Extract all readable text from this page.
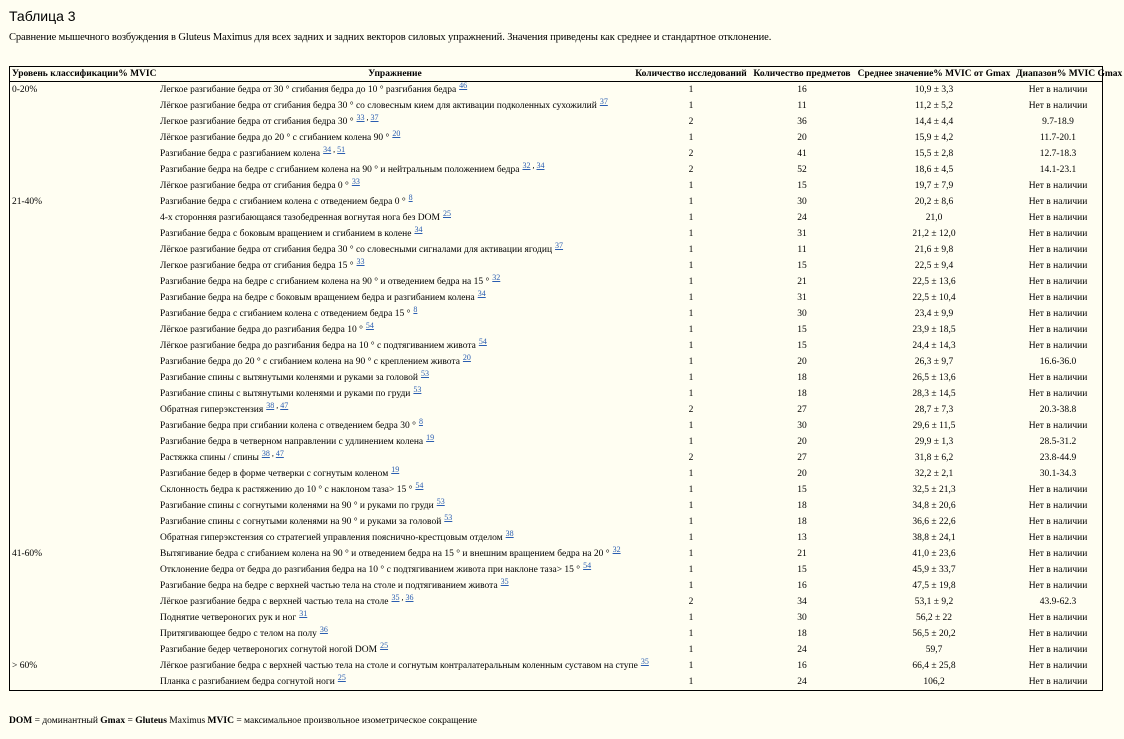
Таблица 3
Сравнение мышечного возбуждения в Gluteus Maximus для всех задних и задних векторов силовых упражнений. Значения приведены как среднее и стандартное отклонение.
Уровень классификации% MVIC	Упражнение	Количество исследований	Количество предметов	Среднее значение% MVIC от Gmax	Диапазон% MVIC Gmax
0-20%	Легкое разгибание бедра от 30 ° сгибания бедра до 10 ° разгибания бедра $^{46}$	1	16	10,9 ± 3,3	Нет в наличии
	Лёгкое разгибание бедра от сгибания бедра 30 ° со словесным кием для активации подколенных сухожилий $^{37}$	1	11	11,2 ± 5,2	Нет в наличии
	Легкое разгибание бедра от сгибания бедра 30 ° $^{33 , 37}$	2	36	14,4 ± 4,4	9.7-18.9
	Лёгкое разгибание бедра до 20 ° с сгибанием колена 90 ° $^{20}$	1	20	15,9 ± 4,2	11.7-20.1
	Разгибание бедра с разгибанием колена $^{34 , 51}$	2	41	15,5 ± 2,8	12.7-18.3
	Разгибание бедра на бедре с сгибанием колена на 90 ° и нейтральным положением бедра $^{32 , 34}$	2	52	18,6 ± 4,5	14.1-23.1
	Лёгкое разгибание бедра от сгибания бедра 0 ° $^{33}$	1	15	19,7 ± 7,9	Нет в наличии
21-40%	Разгибание бедра с сгибанием колена с отведением бедра 0 ° $^8$	1	30	20,2 ± 8,6	Нет в наличии
	4-х сторонняя разгибающаяся тазобедренная вогнутая нога без DOM $^{25}$	1	24	21,0	Нет в наличии
	Разгибание бедра с боковым вращением и сгибанием в колене $^{34}$	1	31	21,2 ± 12,0	Нет в наличии
	Лёгкое разгибание бедра от сгибания бедра 30 ° со словесными сигналами для активации ягодиц $^{37}$	1	11	21,6 ± 9,8	Нет в наличии
	Легкое разгибание бедра от сгибания бедра 15 ° $^{33}$	1	15	22,5 ± 9,4	Нет в наличии
	Разгибание бедра на бедре с сгибанием колена на 90 ° и отведением бедра на 15 ° $^{32}$	1	21	22,5 ± 13,6	Нет в наличии
	Разгибание бедра на бедре с боковым вращением бедра и разгибанием колена $^{34}$	1	31	22,5 ± 10,4	Нет в наличии
	Разгибание бедра с сгибанием колена с отведением бедра 15 ° $^8$	1	30	23,4 ± 9,9	Нет в наличии
	Лёгкое разгибание бедра до разгибания бедра 10 ° $^{54}$	1	15	23,9 ± 18,5	Нет в наличии
	Лёгкое разгибание бедра до разгибания бедра на 10 ° с подтягиванием живота $^{54}$	1	15	24,4 ± 14,3	Нет в наличии
	Разгибание бедра до 20 ° с сгибанием колена на 90 ° с креплением живота $^{20}$	1	20	26,3 ± 9,7	16.6-36.0
	Разгибание спины с вытянутыми коленями и руками за головой $^{53}$	1	18	26,5 ± 13,6	Нет в наличии
	Разгибание спины с вытянутыми коленями и руками по груди $^{53}$	1	18	28,3 ± 14,5	Нет в наличии
	Обратная гиперэкстензия $^{38 , 47}$	2	27	28,7 ± 7,3	20.3-38.8
	Разгибание бедра при сгибании колена с отведением бедра 30 ° $^8$	1	30	29,6 ± 11,5	Нет в наличии
	Разгибание бедра в четверном направлении с удлинением колена $^{19}$	1	20	29,9 ± 1,3	28.5-31.2
	Растяжка спины / спины $^{38 , 47}$	2	27	31,8 ± 6,2	23.8-44.9
	Разгибание бедер в форме четверки с согнутым коленом $^{19}$	1	20	32,2 ± 2,1	30.1-34.3
	Склонность бедра к растяжению до 10 ° с наклоном таза> 15 ° $^{54}$	1	15	32,5 ± 21,3	Нет в наличии
	Разгибание спины с согнутыми коленями на 90 ° и руками по груди $^{53}$	1	18	34,8 ± 20,6	Нет в наличии
	Разгибание спины с согнутыми коленями на 90 ° и руками за головой $^{53}$	1	18	36,6 ± 22,6	Нет в наличии
	Обратная гиперэкстензия со стратегией управления пояснично-крестцовым отделом $^{38}$	1	13	38,8 ± 24,1	Нет в наличии
41-60%	Вытягивание бедра с сгибанием колена на 90 ° и отведением бедра на 15 ° и внешним вращением бедра на 20 ° $^{32}$	1	21	41,0 ± 23,6	Нет в наличии
	Отклонение бедра от бедра до разгибания бедра на 10 ° с подтягиванием живота при наклоне таза> 15 ° $^{54}$	1	15	45,9 ± 33,7	Нет в наличии
	Разгибание бедра на бедре с верхней частью тела на столе и подтягиванием живота $^{35}$	1	16	47,5 ± 19,8	Нет в наличии
	Лёгкое разгибание бедра с верхней частью тела на столе $^{35 , 36}$	2	34	53,1 ± 9,2	43.9-62.3
	Поднятие четвероногих рук и ног $^{31}$	1	30	56,2 ± 22	Нет в наличии
	Притягивающее бедро с телом на полу $^{36}$	1	18	56,5 ± 20,2	Нет в наличии
	Разгибание бедер четвероногих согнутой ногой DOM $^{25}$	1	24	59,7	Нет в наличии
> 60%	Лёгкое разгибание бедра с верхней частью тела на столе и согнутым контралатеральным коленным суставом на ступе $^{35}$	1	16	66,4 ± 25,8	Нет в наличии
	Планка с разгибанием бедра согнутой ноги $^{25}$	1	24	106,2	Нет в наличии
DOM = доминантный Gmax = Gluteus Maximus MVIC = максимальное произвольное изометрическое сокращение
